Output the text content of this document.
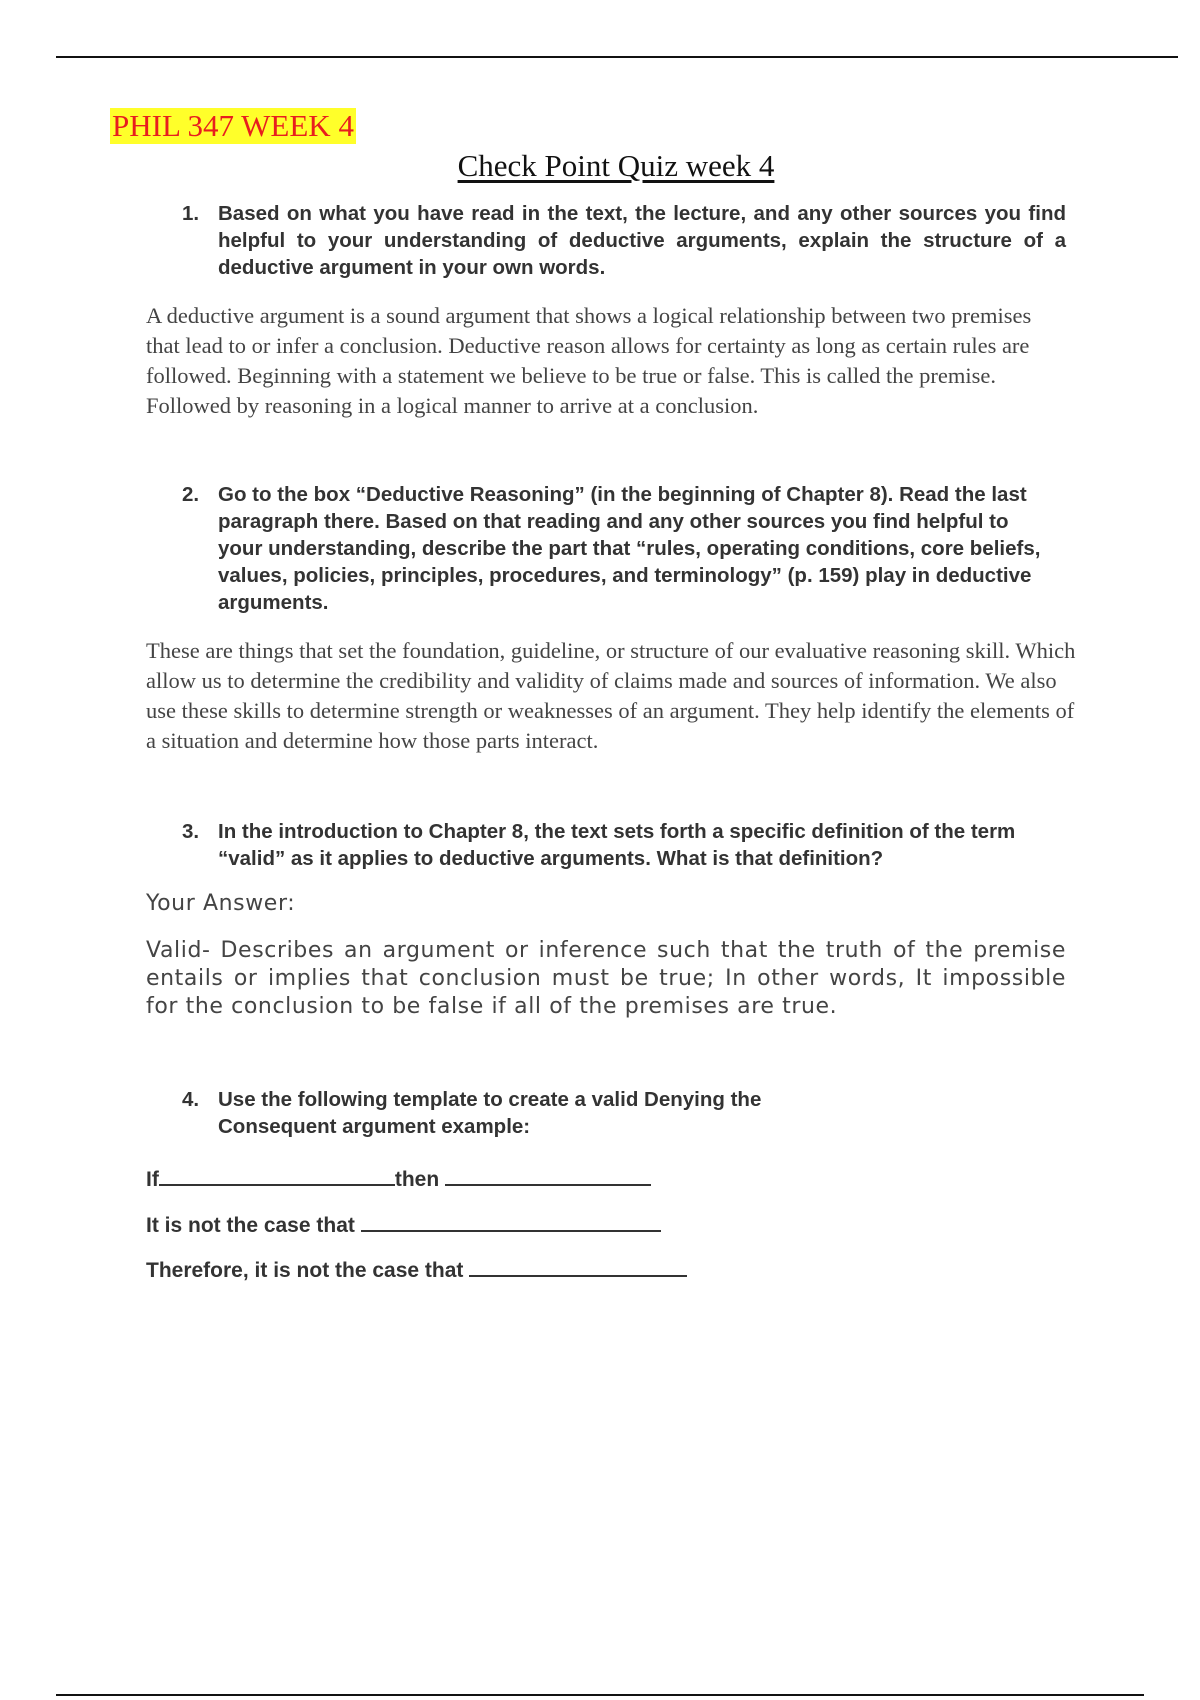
PHIL 347 WEEK 4
Check Point Quiz week 4
1. Based on what you have read in the text, the lecture, and any other sources you find helpful to your understanding of deductive arguments, explain the structure of a deductive argument in your own words.
A deductive argument is a sound argument that shows a logical relationship between two premises that lead to or infer a conclusion. Deductive reason allows for certainty as long as certain rules are followed. Beginning with a statement we believe to be true or false. This is called the premise. Followed by reasoning in a logical manner to arrive at a conclusion.
2. Go to the box “Deductive Reasoning” (in the beginning of Chapter 8). Read the last paragraph there. Based on that reading and any other sources you find helpful to your understanding, describe the part that “rules, operating conditions, core beliefs, values, policies, principles, procedures, and terminology” (p. 159) play in deductive arguments.
These are things that set the foundation, guideline, or structure of our evaluative reasoning skill. Which allow us to determine the credibility and validity of claims made and sources of information. We also use these skills to determine strength or weaknesses of an argument. They help identify the elements of a situation and determine how those parts interact.
3. In the introduction to Chapter 8, the text sets forth a specific definition of the term “valid” as it applies to deductive arguments. What is that definition?
Your Answer:
Valid- Describes an argument or inference such that the truth of the premise entails or implies that conclusion must be true; In other words, It impossible for the conclusion to be false if all of the premises are true.
4. Use the following template to create a valid Denying the Consequent argument example:
If	then
It is not the case that
Therefore, it is not the case that
